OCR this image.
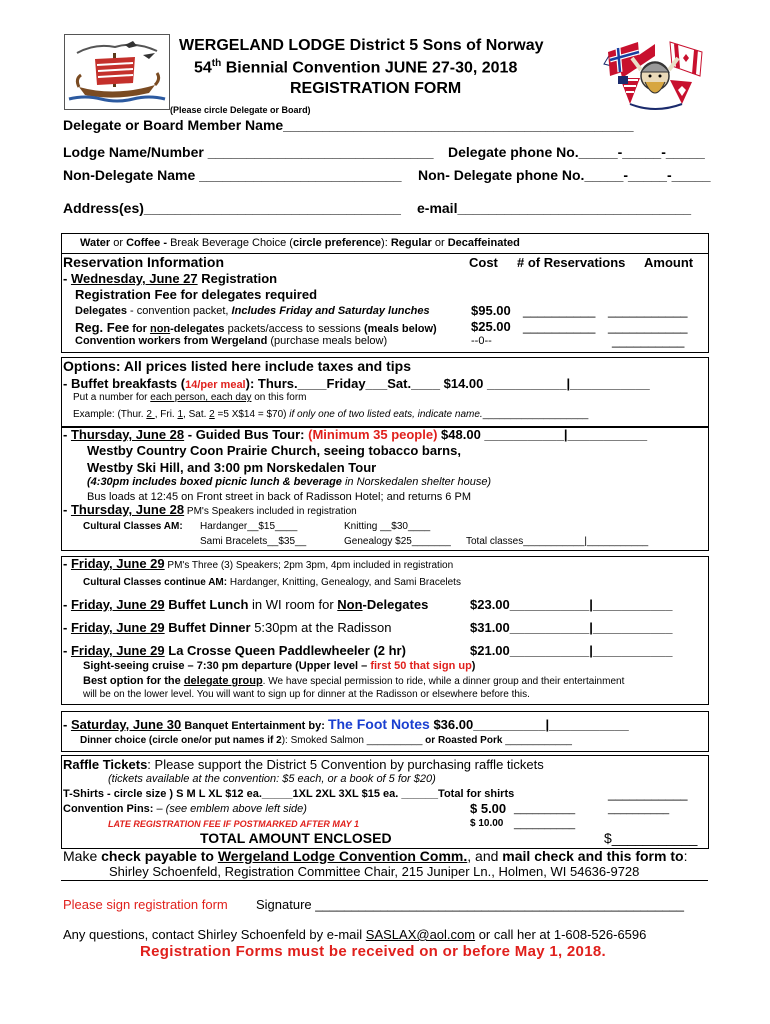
WERGELAND LODGE District 5 Sons of Norway
54th Biennial Convention JUNE 27-30, 2018
REGISTRATION FORM
(Please circle Delegate or Board)
Delegate or Board Member Name_____________________________________________
Lodge Name/Number _____________________________ Delegate phone No._____-_____-_____
Non-Delegate Name __________________________ Non- Delegate phone No._____-_____-_____
Address(es)_________________________________ e-mail______________________________
Water or Coffee - Break Beverage Choice (circle preference): Regular or Decaffeinated
Reservation Information	Cost # of Reservations Amount
- Wednesday, June 27 Registration
Registration Fee for delegates required
Delegates - convention packet, Includes Friday and Saturday lunches	$95.00 __________ ___________
Reg. Fee for non-delegates packets/access to sessions (meals below)	$25.00 __________ ___________
Convention workers from Wergeland (purchase meals below)	--0--	__________
Options: All prices listed here include taxes and tips
- Buffet breakfasts (14/per meal): Thurs.____Friday___Sat.____ $14.00 ___________|___________
Put a number for each person, each day on this form
Example: (Thur. 2 , Fri. 1, Sat. 2 =5 X$14 = $70) if only one of two listed eats, indicate name.___________________
- Thursday, June 28 - Guided Bus Tour: (Minimum 35 people) $48.00 ___________|___________
Westby Country Coon Prairie Church, seeing tobacco barns,
Westby Ski Hill, and 3:00 pm Norskedalen Tour
(4:30pm includes boxed picnic lunch & beverage in Norskedalen shelter house)
Bus loads at 12:45 on Front street in back of Radisson Hotel; and returns 6 PM
- Thursday, June 28 PM's Speakers included in registration
Cultural Classes AM: Hardanger__$15____	Knitting __$30____
Sami Bracelets__$35__	Genealogy $25_______ Total classes___________|___________
- Friday, June 29 PM's Three (3) Speakers; 2pm 3pm, 4pm included in registration
Cultural Classes continue AM: Hardanger, Knitting, Genealogy, and Sami Bracelets
- Friday, June 29 Buffet Lunch in WI room for Non-Delegates	$23.00___________|___________
- Friday, June 29 Buffet Dinner 5:30pm at the Radisson	$31.00___________|___________
- Friday, June 29 La Crosse Queen Paddlewheeler (2 hr)	$21.00___________|___________
Sight-seeing cruise – 7:30 pm departure (Upper level – first 50 that sign up)
Best option for the delegate group. We have special permission to ride, while a dinner group and their entertainment
will be on the lower level. You will want to sign up for dinner at the Radisson or elsewhere before this.
- Saturday, June 30 Banquet Entertainment by: The Foot Notes $36.00__________|___________
Dinner choice (circle one/or put names if 2): Smoked Salmon __________ or Roasted Pork ____________
Raffle Tickets: Please support the District 5 Convention by purchasing raffle tickets
(tickets available at the convention: $5 each, or a book of 5 for $20)
T-Shirts - circle size ) S M L XL $12 ea._____1XL 2XL 3XL $15 ea. ______Total for shirts	___________
Convention Pins: – (see emblem above left side)	$ 5.00 __________	__________
LATE REGISTRATION FEE IF POSTMARKED AFTER MAY 1	$ 10.00 __________
TOTAL AMOUNT ENCLOSED	$___________
Make check payable to Wergeland Lodge Convention Comm., and mail check and this form to:
Shirley Schoenfeld, Registration Committee Chair, 215 Juniper Ln., Holmen, WI 54636-9728
Please sign registration form Signature ___________________________________________________
Any questions, contact Shirley Schoenfeld by e-mail SASLAX@aol.com or call her at 1-608-526-6596
Registration Forms must be received on or before May 1, 2018.
